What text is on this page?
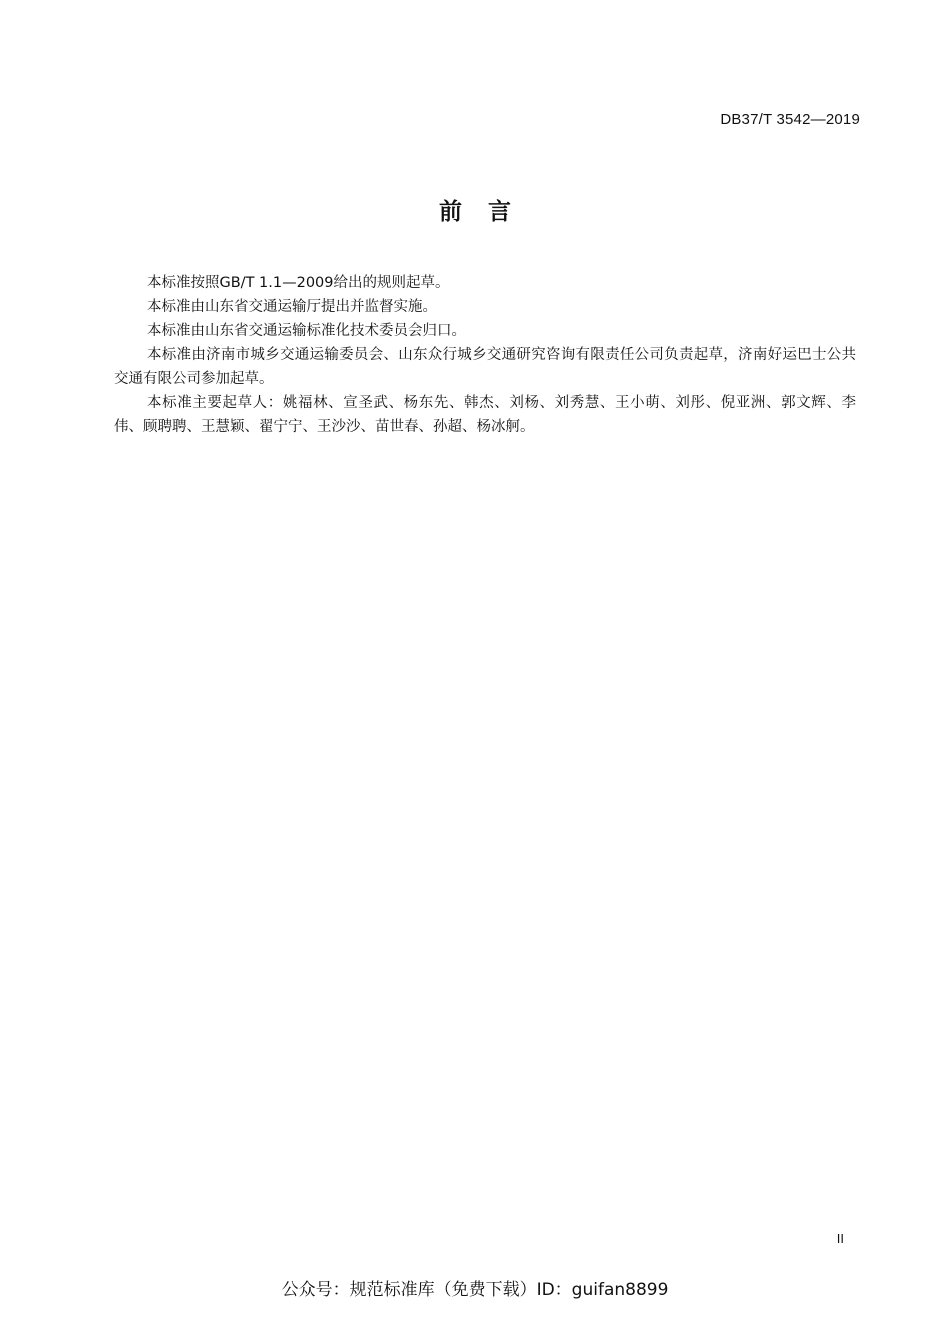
DB37/T 3542—2019
前言

本标准按照GB/T 1.1—2009给出的规则起草。

本标准由山东省交通运输厅提出并监督实施。

本标准由山东省交通运输标准化技术委员会归口。

本标准由济南市城乡交通运输委员会、山东众行城乡交通研究咨询有限责任公司负责起草，济南好运巴士公共交通有限公司参加起草。

本标准主要起草人：姚福林、宣圣武、杨东先、韩杰、刘杨、刘秀慧、王小萌、刘彤、倪亚洲、郭文辉、李伟、顾聘聘、王慧颖、翟宁宁、王沙沙、苗世春、孙超、杨冰舸。

II
公众号：规范标准库（免费下载）ID：guifan8899
